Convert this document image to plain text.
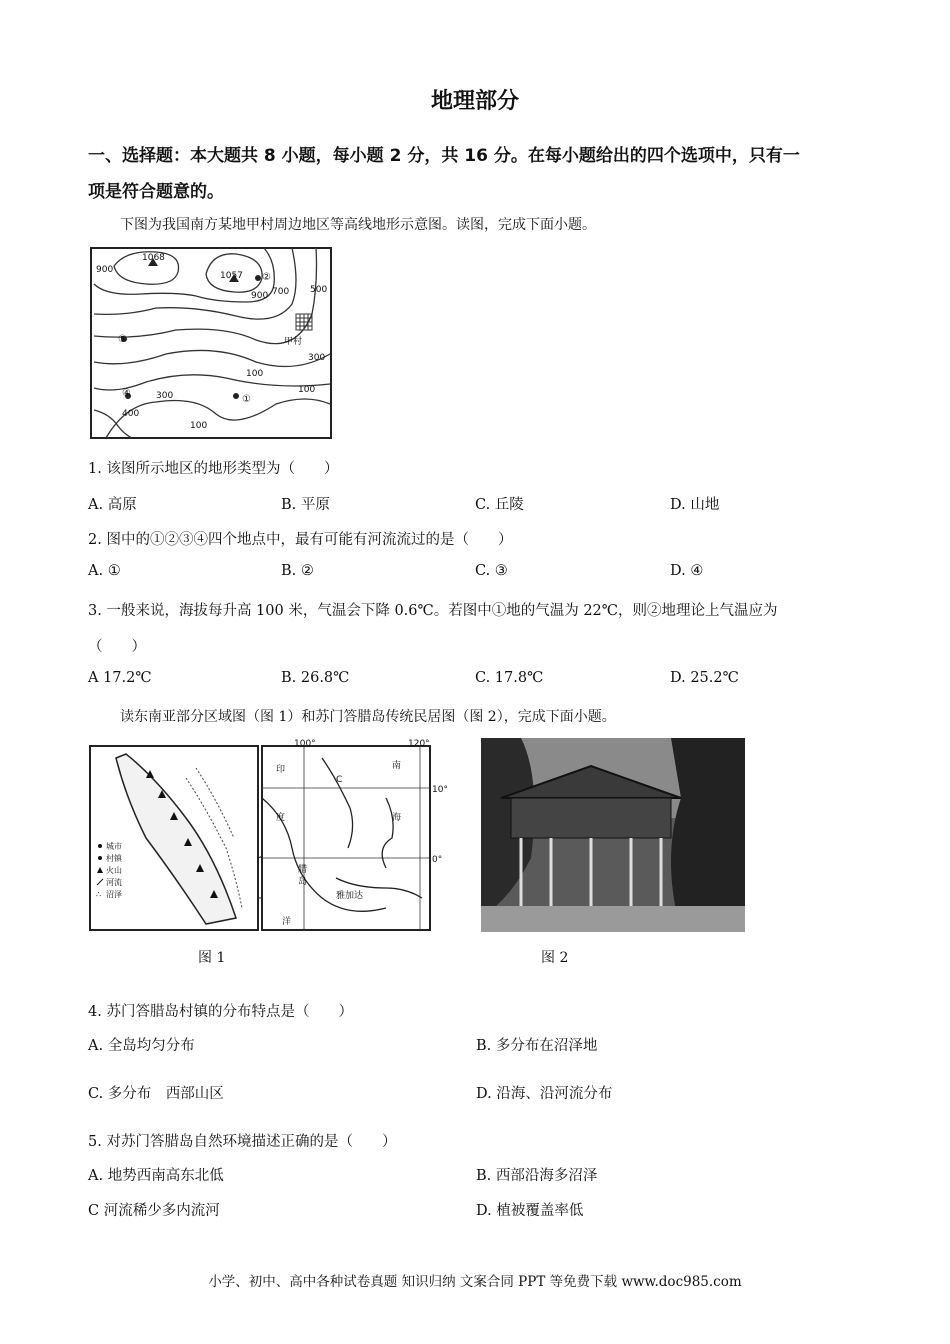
地理部分
一、选择题：本大题共 8 小题，每小题 2 分，共 16 分。在每小题给出的四个选项中，只有一
项是符合题意的。
下图为我国南方某地甲村周边地区等高线地形示意图。读图，完成下面小题。
1068
1057
900
900 700 500
300
300
100
100
400
100
①
②
④
⑤	甲村
1. 该图所示地区的地形类型为（　　）
A. 高原	B. 平原	C. 丘陵	D. 山地
2. 图中的①②③④四个地点中，最有可能有河流流过的是（　　）
A. ①	B. ②	C. ③	D. ④
3. 一般来说，海拔每升高 100 米，气温会下降 0.6℃。若图中①地的气温为 22℃，则②地理论上气温应为
（　　）
A 17.2℃	B. 26.8℃	C. 17.8℃	D. 25.2℃
读东南亚部分区域图（图 1）和苏门答腊岛传统民居图（图 2），完成下面小题。
城市
村镇
火山
河流
∴ 沼泽
100°	120°
印	南
C
度	海
10°
0°
腊
岛
雅加达
洋
图 1	图 2
4. 苏门答腊岛村镇的分布特点是（　　）
A. 全岛均匀分布	B. 多分布在沼泽地
C. 多分布　西部山区	D. 沿海、沿河流分布
5. 对苏门答腊岛自然环境描述正确的是（　　）
A. 地势西南高东北低	B. 西部沿海多沼泽
C 河流稀少多内流河	D. 植被覆盖率低
小学、初中、高中各种试卷真题 知识归纳 文案合同 PPT 等免费下载 www.doc985.com
